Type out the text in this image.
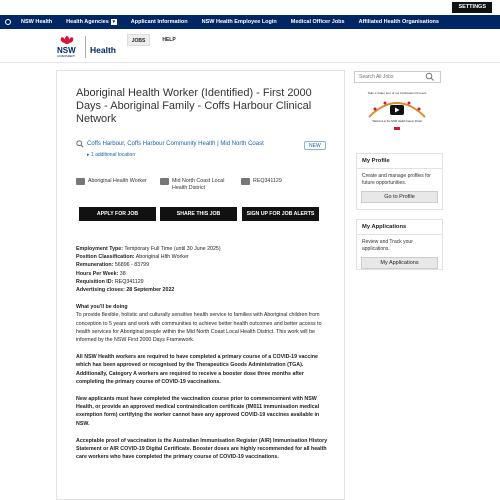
SETTINGS
NSW Health	Health Agencies ▾	Applicant Information	NSW Health Employee Login	Medical Officer Jobs	Affiliated Health Organisations
NSW
GOVERNMENT
Health
JOBS	HELP
Aboriginal Health Worker (Identified) - First 2000 Days - Aboriginal Family - Coffs Harbour Clinical Network
Coffs Harbour, Coffs Harbour Community Health | Mid North Coast	NEW
▸ 1 additional location
Aboriginal Health Worker	Mid North Coast Local Health District
REQ341129
APPLY FOR JOB	SHARE THIS JOB	SIGN UP FOR JOB ALERTS

Employment Type: Temporary Full Time (until 30 June 2025)

Position Classification: Aboriginal Hlth Worker

Remuneration: 56896 - 83799

Hours Per Week: 38

Requisition ID: REQ341129

Advertising closes: 28 September 2022

What you'll be doing

To provide flexible, holistic and culturally sensitive health service to families with Aboriginal children from conception to 5 years and work with communities to achieve better health outcomes and better access to health services for Aboriginal people within the Mid North Coast Local Health District. This work will be informed by the NSW First 2000 Days Framework.

All NSW Health workers are required to have completed a primary course of a COVID-19 vaccine which has been approved or recognised by the Therapeutics Goods Administration (TGA). Additionally, Category A workers are required to receive a booster dose three months after completing the primary course of COVID-19 vaccinations.

New applicants must have completed the vaccination course prior to commencement with NSW Health, or provide an approved medical contraindication certificate (IM011 immunisation medical exemption form) certifying the worker cannot have any approved COVID-19 vaccines available in NSW.

Acceptable proof of vaccination is the Australian Immunisation Register (AIR) Immunisation History Statement or AIR COVID-19 Digital Certificate. Booster doses are highly recommended for all health care workers who have completed the primary course of COVID-19 vaccinations.

Search All Jobs
Take a Video tour of our Application Process
Welcome to the NSW Health Career Portal
My Profile
Create and manage profiles for future opportunities.
Go to Profile
My Applications
Review and Track your applications.
My Applications
